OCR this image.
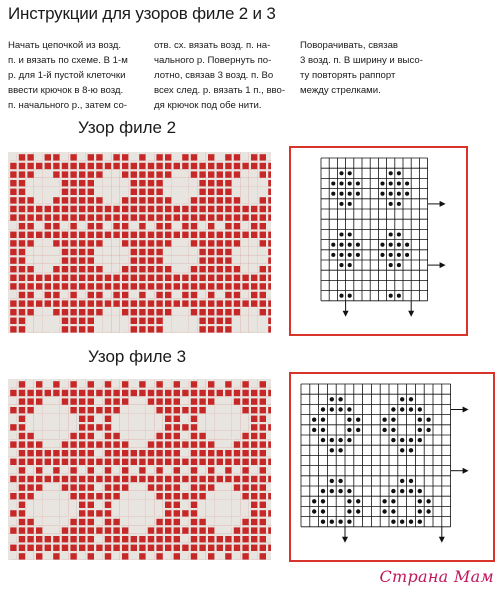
Инструкции для узоров филе 2 и 3

Начать цепочкой из возд.

п. и вязать по схеме. В 1-м

р. для 1-й пустой клеточки

ввести крючок в 8-ю возд.

п. начального р., затем со-

отв. сх. вязать возд. п. на-

чального р. Повернуть по-

лотно, связав 3 возд. п. Во

всех след. р. вязать 1 п., вво-

дя крючок под обе нити.

Поворачивать, связав

3 возд. п. В ширину и высо-

ту повторять раппорт

между стрелками.

Узор филе 2
Узор филе 3
Страна Мам
